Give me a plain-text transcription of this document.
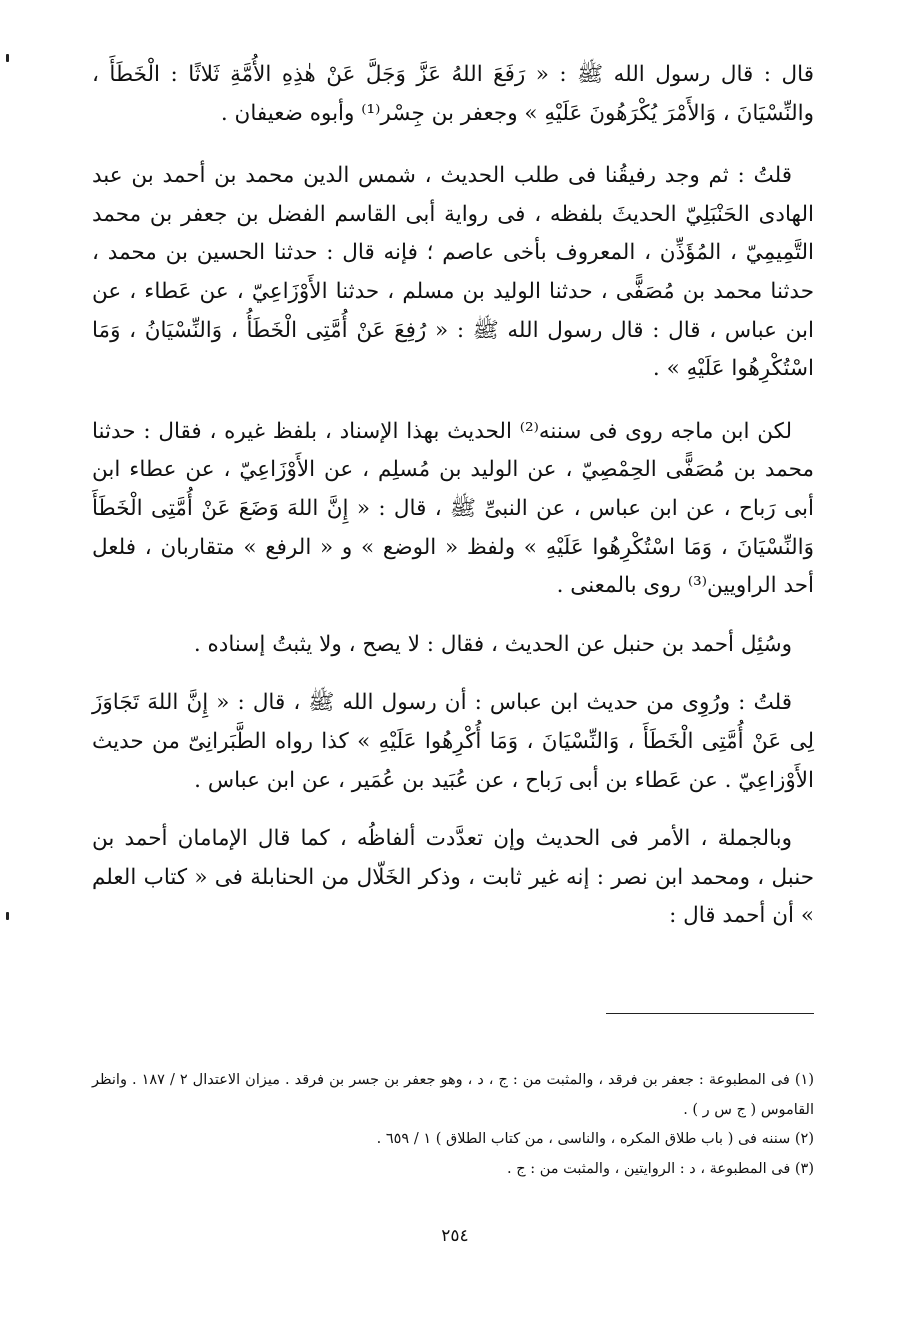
قال : قال رسول الله ﷺ : « رَفَعَ اللهُ عَزَّ وَجَلَّ عَنْ هٰذِهِ الأُمَّةِ ثَلاثًا : الْخَطَأَ ، والنِّسْيَانَ ، وَالأَمْرَ يُكْرَهُونَ عَلَيْهِ » وجعفر بن جِسْر⁽¹⁾ وأبوه ضعيفان .

قلتُ : ثم وجد رفيقُنا فى طلب الحديث ، شمس الدين محمد بن أحمد بن عبد الهادى الحَنْبَلِيّ الحديثَ بلفظه ، فى رواية أبى القاسم الفضل بن جعفر بن محمد التَّمِيمِيّ ، المُؤَذِّن ، المعروف بأخى عاصم ؛ فإنه قال : حدثنا الحسين بن محمد ، حدثنا محمد بن مُصَفًّى ، حدثنا الوليد بن مسلم ، حدثنا الأَوْزَاعِيّ ، عن عَطاء ، عن ابن عباس ، قال : قال رسول الله ﷺ : « رُفِعَ عَنْ أُمَّتِى الْخَطَأُ ، وَالنِّسْيَانُ ، وَمَا اسْتُكْرِهُوا عَلَيْهِ » .

لكن ابن ماجه روى فى سننه⁽²⁾ الحديث بهذا الإسناد ، بلفظ غيره ، فقال : حدثنا محمد بن مُصَفًّى الحِمْصِيّ ، عن الوليد بن مُسلِم ، عن الأَوْزَاعِيّ ، عن عطاء ابن أبى رَباح ، عن ابن عباس ، عن النبىِّ ﷺ ، قال : « إِنَّ اللهَ وَضَعَ عَنْ أُمَّتِى الْخَطَأَ وَالنِّسْيَانَ ، وَمَا اسْتُكْرِهُوا عَلَيْهِ » ولفظ « الوضع » و « الرفع » متقاربان ، فلعل أحد الراويين⁽³⁾ روى بالمعنى .

وسُئِل أحمد بن حنبل عن الحديث ، فقال : لا يصح ، ولا يثبتُ إسناده .

قلتُ : ورُوِى من حديث ابن عباس : أن رسول الله ﷺ ، قال : « إِنَّ اللهَ تَجَاوَزَ لِى عَنْ أُمَّتِى الْخَطَأَ ، وَالنِّسْيَانَ ، وَمَا أُكْرِهُوا عَلَيْهِ » كذا رواه الطَّبَرانِىّ من حديث الأَوْزاعِيّ . عن عَطاء بن أبى رَباح ، عن عُبَيد بن عُمَير ، عن ابن عباس .

وبالجملة ، الأمر فى الحديث وإن تعدَّدت ألفاظُه ، كما قال الإمامان أحمد بن حنبل ، ومحمد ابن نصر : إنه غير ثابت ، وذكر الخَلّال من الحنابلة فى « كتاب العلم » أن أحمد قال :

(١) فى المطبوعة : جعفر بن فرقد ، والمثبت من : ج ، د ، وهو جعفر بن جسر بن فرقد . ميزان الاعتدال ٢ / ١٨٧ . وانظر القاموس ( ج س ر ) .

(٢) سننه فى ( باب طلاق المكره ، والناسى ، من كتاب الطلاق ) ١ / ٦٥٩ .

(٣) فى المطبوعة ، د : الروايتين ، والمثبت من : ج .

٢٥٤
